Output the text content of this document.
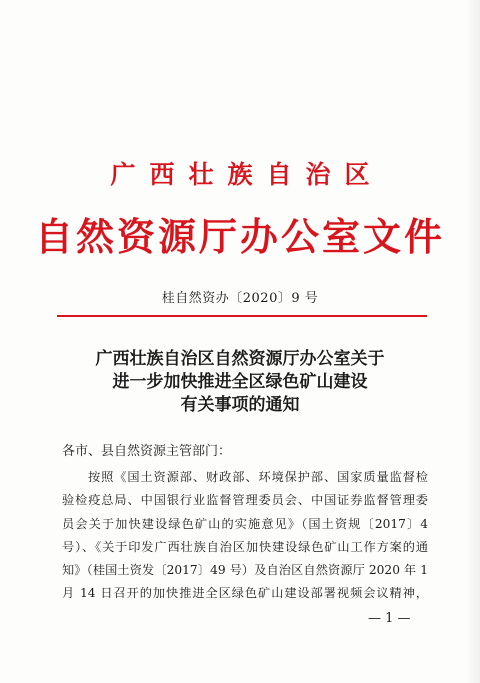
广西壮族自治区
自然资源厅办公室文件
桂自然资办〔2020〕9 号
广西壮族自治区自然资源厅办公室关于
进一步加快推进全区绿色矿山建设
有关事项的通知
各市、县自然资源主管部门：
按照《国土资源部、财政部、环境保护部、国家质量监督检
验检疫总局、中国银行业监督管理委员会、中国证券监督管理委
员会关于加快建设绿色矿山的实施意见》（国土资规〔2017〕4
号）、《关于印发广西壮族自治区加快建设绿色矿山工作方案的通
知》（桂国土资发〔2017〕49 号）及自治区自然资源厅 2020 年 1
月 14 日召开的加快推进全区绿色矿山建设部署视频会议精神，
— 1 —
